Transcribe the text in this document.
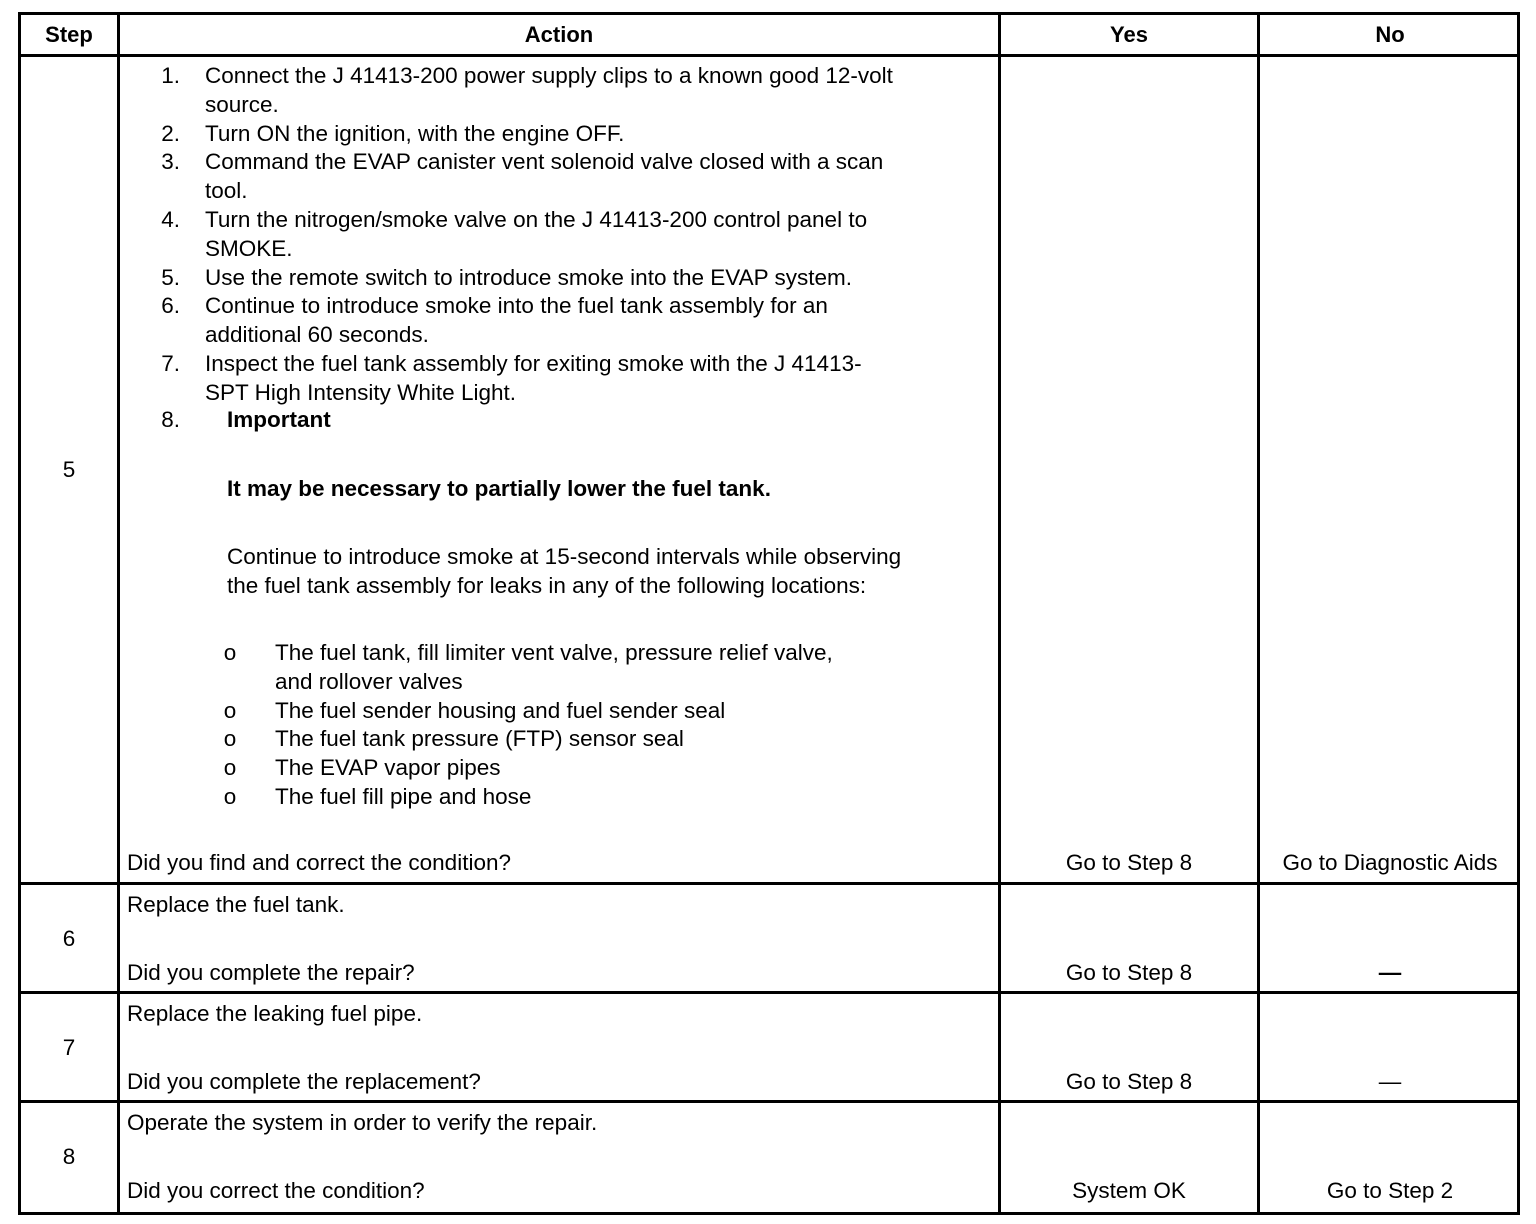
Step	Action	Yes	No
5
1. Connect the J 41413-200 power supply clips to a known good 12-volt
source.
2. Turn ON the ignition, with the engine OFF.
3. Command the EVAP canister vent solenoid valve closed with a scan
tool.
4. Turn the nitrogen/smoke valve on the J 41413-200 control panel to
SMOKE.
5. Use the remote switch to introduce smoke into the EVAP system.
6. Continue to introduce smoke into the fuel tank assembly for an
additional 60 seconds.
7. Inspect the fuel tank assembly for exiting smoke with the J 41413-
SPT High Intensity White Light.
8. Important
It may be necessary to partially lower the fuel tank.
Continue to introduce smoke at 15-second intervals while observing
the fuel tank assembly for leaks in any of the following locations:
o The fuel tank, fill limiter vent valve, pressure relief valve,
and rollover valves
o The fuel sender housing and fuel sender seal
o The fuel tank pressure (FTP) sensor seal
o The EVAP vapor pipes
o The fuel fill pipe and hose
Did you find and correct the condition?	Go to Step 8	Go to Diagnostic Aids
6
Replace the fuel tank.
Did you complete the repair?	Go to Step 8	—
7
Replace the leaking fuel pipe.
Did you complete the replacement?	Go to Step 8	—
8
Operate the system in order to verify the repair.
Did you correct the condition?	System OK	Go to Step 2
